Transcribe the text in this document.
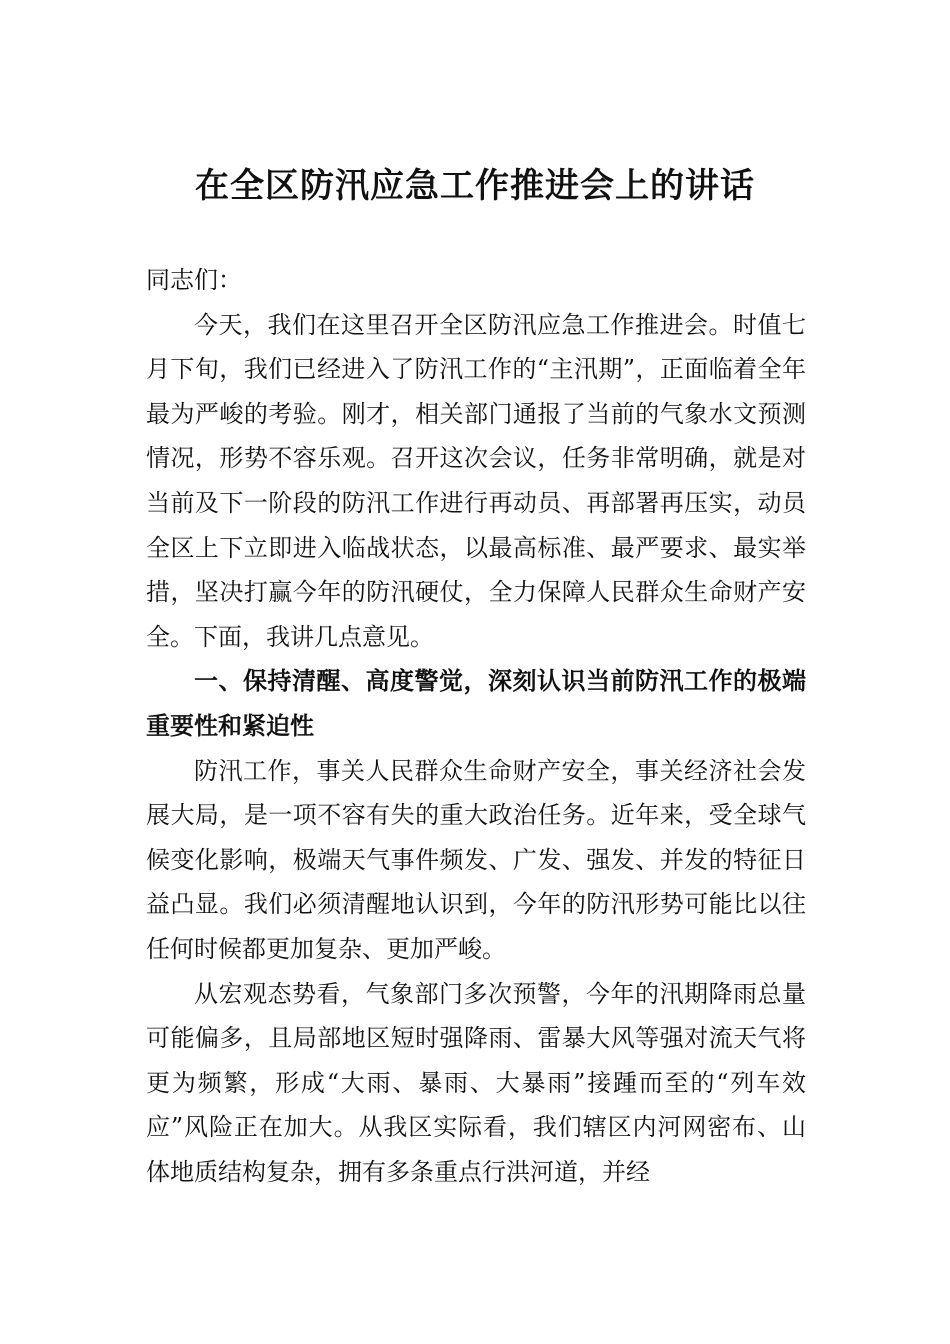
在全区防汛应急工作推进会上的讲话

同志们：

今天，我们在这里召开全区防汛应急工作推进会。时值七月下旬，我们已经进入了防汛工作的“主汛期”，正面临着全年最为严峻的考验。刚才，相关部门通报了当前的气象水文预测情况，形势不容乐观。召开这次会议，任务非常明确，就是对当前及下一阶段的防汛工作进行再动员、再部署再压实，动员全区上下立即进入临战状态，以最高标准、最严要求、最实举措，坚决打赢今年的防汛硬仗，全力保障人民群众生命财产安全。下面，我讲几点意见。

一、保持清醒、高度警觉，深刻认识当前防汛工作的极端重要性和紧迫性

防汛工作，事关人民群众生命财产安全，事关经济社会发展大局，是一项不容有失的重大政治任务。近年来，受全球气候变化影响，极端天气事件频发、广发、强发、并发的特征日益凸显。我们必须清醒地认识到，今年的防汛形势可能比以往任何时候都更加复杂、更加严峻。

从宏观态势看，气象部门多次预警，今年的汛期降雨总量可能偏多，且局部地区短时强降雨、雷暴大风等强对流天气将更为频繁，形成“大雨、暴雨、大暴雨”接踵而至的“列车效应”风险正在加大。从我区实际看，我们辖区内河网密布、山体地质结构复杂，拥有多条重点行洪河道，并经
